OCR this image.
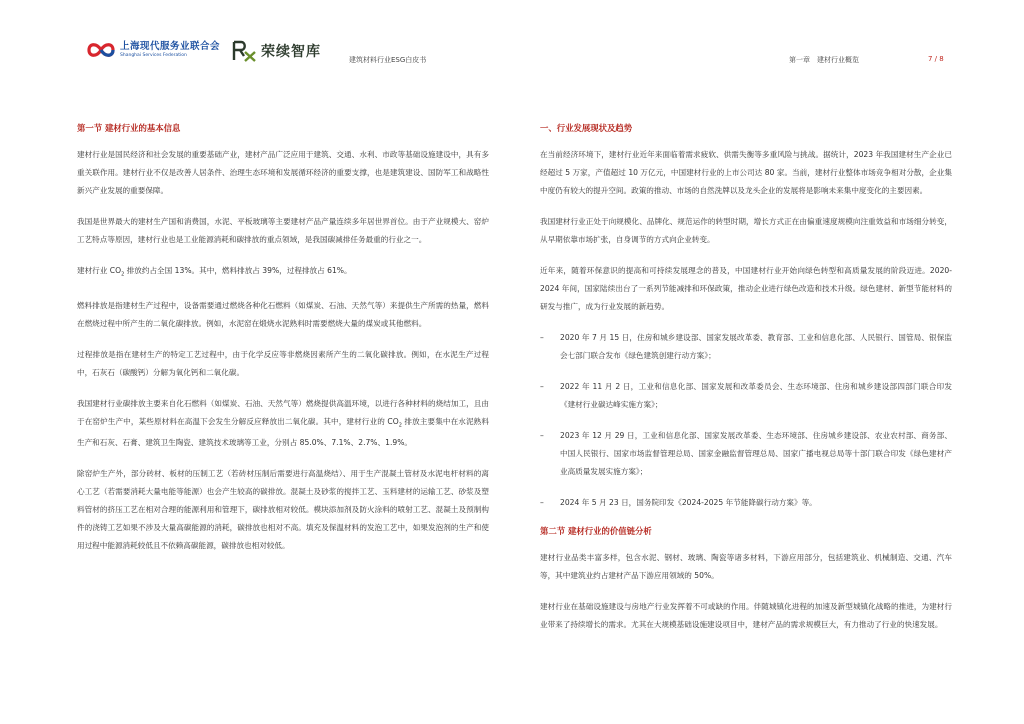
上海现代服务业联合会
Shanghai Services Federation	荣续智库	建筑材料行业ESG白皮书	第一章　建材行业概览	7 / 8
第一节 建材行业的基本信息

建材行业是国民经济和社会发展的重要基础产业，建材产品广泛应用于建筑、交通、水利、市政等基础设施建设中，具有多重关联作用。建材行业不仅是改善人居条件、治理生态环境和发展循环经济的重要支撑，也是建筑建设、国防军工和战略性新兴产业发展的重要保障。

我国是世界最大的建材生产国和消费国，水泥、平板玻璃等主要建材产品产量连续多年居世界首位。由于产业规模大、窑炉工艺特点等原因，建材行业也是工业能源消耗和碳排放的重点领域，是我国碳减排任务最重的行业之一。

建材行业 $CO_2$ 排放约占全国 13%。其中，燃料排放占 39%，过程排放占 61%。

燃料排放是指建材生产过程中，设备需要通过燃烧各种化石燃料（如煤炭、石油、天然气等）来提供生产所需的热量，燃料在燃烧过程中所产生的二氧化碳排放。例如，水泥窑在煅烧水泥熟料时需要燃烧大量的煤炭或其他燃料。

过程排放是指在建材生产的特定工艺过程中，由于化学反应等非燃烧因素所产生的二氧化碳排放。例如，在水泥生产过程中，石灰石（碳酸钙）分解为氧化钙和二氧化碳。

我国建材行业碳排放主要来自化石燃料（如煤炭、石油、天然气等）燃烧提供高温环境，以进行各种材料的烧结加工，且由于在窑炉生产中，某些原材料在高温下会发生分解反应释放出二氧化碳。其中，建材行业的 $CO_2$ 排放主要集中在水泥熟料生产和石灰、石膏、建筑卫生陶瓷、建筑技术玻璃等工业，分别占 85.0%、7.1%、2.7%、1.9%。

除窑炉生产外，部分砖材、板材的压制工艺（若砖材压制后需要进行高温烧结）、用于生产混凝土管材及水泥电杆材料的离心工艺（若需要消耗大量电能等能源）也会产生较高的碳排放。混凝土及砂浆的搅拌工艺、玉料建材的运输工艺、砂浆及塑料管材的挤压工艺在相对合理的能源利用和管理下，碳排放相对较低。模块添加剂及防火涂料的喷射工艺、混凝土及预制构件的浇铸工艺如果不涉及大量高碳能源的消耗，碳排放也相对不高。填充及保温材料的发泡工艺中，如果发泡剂的生产和使用过程中能源消耗较低且不依赖高碳能源，碳排放也相对较低。

一、行业发展现状及趋势

在当前经济环境下，建材行业近年来面临着需求疲软、供需失衡等多重风险与挑战。据统计，2023 年我国建材生产企业已经超过 5 万家，产值超过 10 万亿元，中国建材行业的上市公司达 80 家。当前，建材行业整体市场竞争相对分散，企业集中度仍有较大的提升空间。政策的推动、市场的自然洗牌以及龙头企业的发展将是影响未来集中度变化的主要因素。

我国建材行业正处于向规模化、品牌化、规范运作的转型时期，增长方式正在由偏重速度规模向注重效益和市场细分转变，从早期依靠市场扩张，自身调节的方式向企业转变。

近年来，随着环保意识的提高和可持续发展理念的普及，中国建材行业开始向绿色转型和高质量发展的阶段迈进。2020-2024 年间，国家陆续出台了一系列节能减排和环保政策，推动企业进行绿色改造和技术升级。绿色建材、新型节能材料的研发与推广，成为行业发展的新趋势。

–	2020 年 7 月 15 日，住房和城乡建设部、国家发展改革委、教育部、工业和信息化部、人民银行、国管局、银保监会七部门联合发布《绿色建筑创建行动方案》；
–	2022 年 11 月 2 日，工业和信息化部、国家发展和改革委员会、生态环境部、住房和城乡建设部四部门联合印发《建材行业碳达峰实施方案》；
–	2023 年 12 月 29 日，工业和信息化部、国家发展改革委、生态环境部、住房城乡建设部、农业农村部、商务部、中国人民银行、国家市场监督管理总局、国家金融监督管理总局、国家广播电视总局等十部门联合印发《绿色建材产业高质量发展实施方案》；
–	2024 年 5 月 23 日，国务院印发《2024-2025 年节能降碳行动方案》等。
第二节 建材行业的价值链分析

建材行业品类丰富多样，包含水泥、钢材、玻璃、陶瓷等诸多材料，下游应用部分，包括建筑业、机械制造、交通、汽车等，其中建筑业约占建材产品下游应用领域的 50%。

建材行业在基础设施建设与房地产行业发挥着不可或缺的作用。伴随城镇化进程的加速及新型城镇化战略的推进，为建材行业带来了持续增长的需求。尤其在大规模基础设施建设项目中，建材产品的需求规模巨大，有力推动了行业的快速发展。
